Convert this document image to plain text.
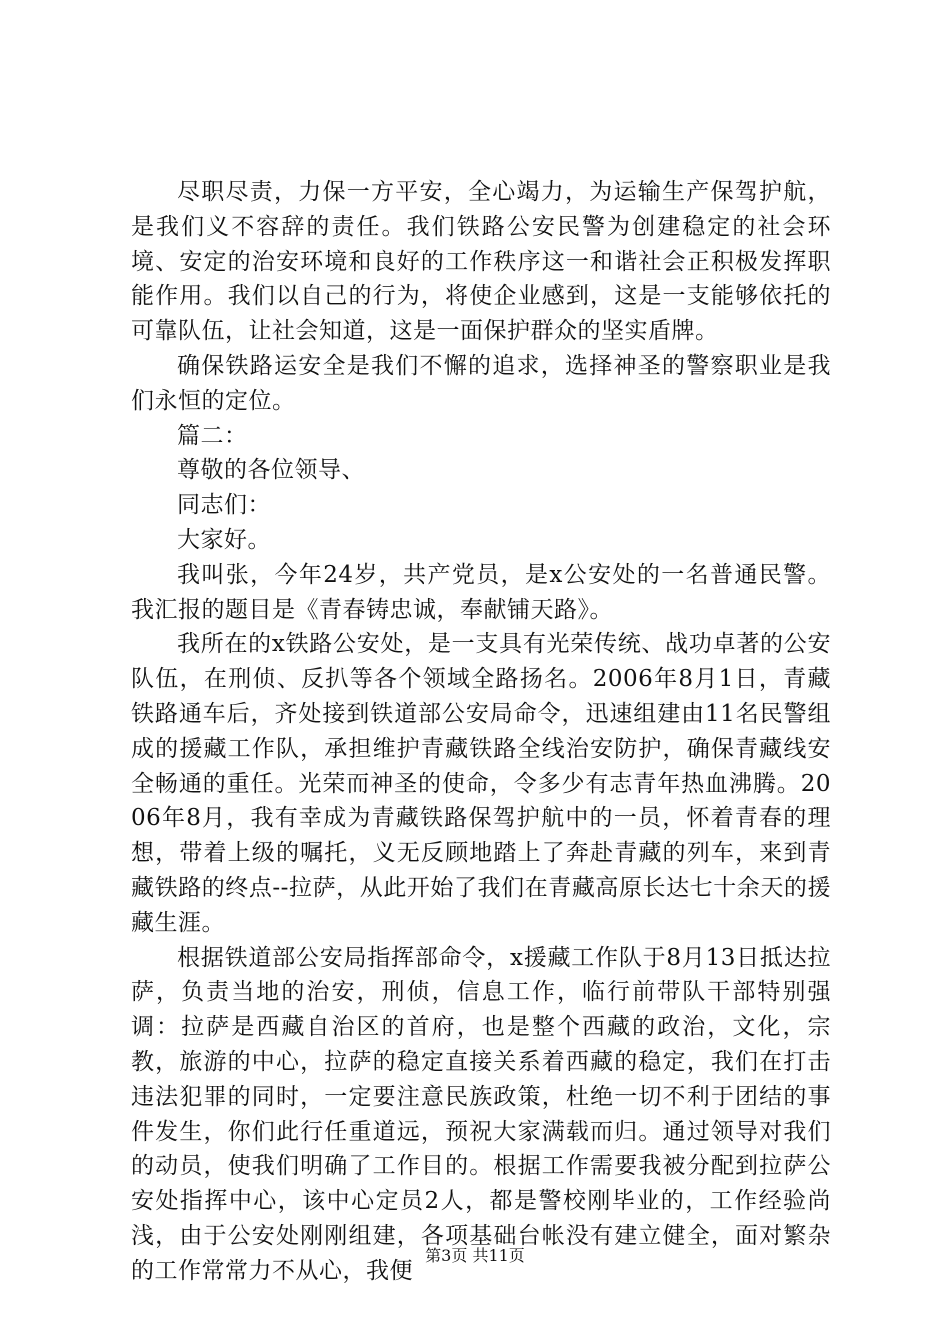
尽职尽责，力保一方平安，全心竭力，为运输生产保驾护航，是我们义不容辞的责任。我们铁路公安民警为创建稳定的社会环境、安定的治安环境和良好的工作秩序这一和谐社会正积极发挥职能作用。我们以自己的行为，将使企业感到，这是一支能够依托的可靠队伍，让社会知道，这是一面保护群众的坚实盾牌。

确保铁路运安全是我们不懈的追求，选择神圣的警察职业是我们永恒的定位。

篇二：

尊敬的各位领导、

同志们：

大家好。

我叫张，今年24岁，共产党员，是x公安处的一名普通民警。我汇报的题目是《青春铸忠诚，奉献铺天路》。

我所在的x铁路公安处，是一支具有光荣传统、战功卓著的公安队伍，在刑侦、反扒等各个领域全路扬名。2006年8月1日，青藏铁路通车后，齐处接到铁道部公安局命令，迅速组建由11名民警组成的援藏工作队，承担维护青藏铁路全线治安防护，确保青藏线安全畅通的重任。光荣而神圣的使命，令多少有志青年热血沸腾。2006年8月，我有幸成为青藏铁路保驾护航中的一员，怀着青春的理想，带着上级的嘱托，义无反顾地踏上了奔赴青藏的列车，来到青藏铁路的终点--拉萨，从此开始了我们在青藏高原长达七十余天的援藏生涯。

根据铁道部公安局指挥部命令，x援藏工作队于8月13日抵达拉萨，负责当地的治安，刑侦，信息工作，临行前带队干部特别强调：拉萨是西藏自治区的首府，也是整个西藏的政治，文化，宗教，旅游的中心，拉萨的稳定直接关系着西藏的稳定，我们在打击违法犯罪的同时，一定要注意民族政策，杜绝一切不利于团结的事件发生，你们此行任重道远，预祝大家满载而归。通过领导对我们的动员，使我们明确了工作目的。根据工作需要我被分配到拉萨公安处指挥中心，该中心定员2人，都是警校刚毕业的，工作经验尚浅，由于公安处刚刚组建，各项基础台帐没有建立健全，面对繁杂的工作常常力不从心，我便

第3页 共11页
